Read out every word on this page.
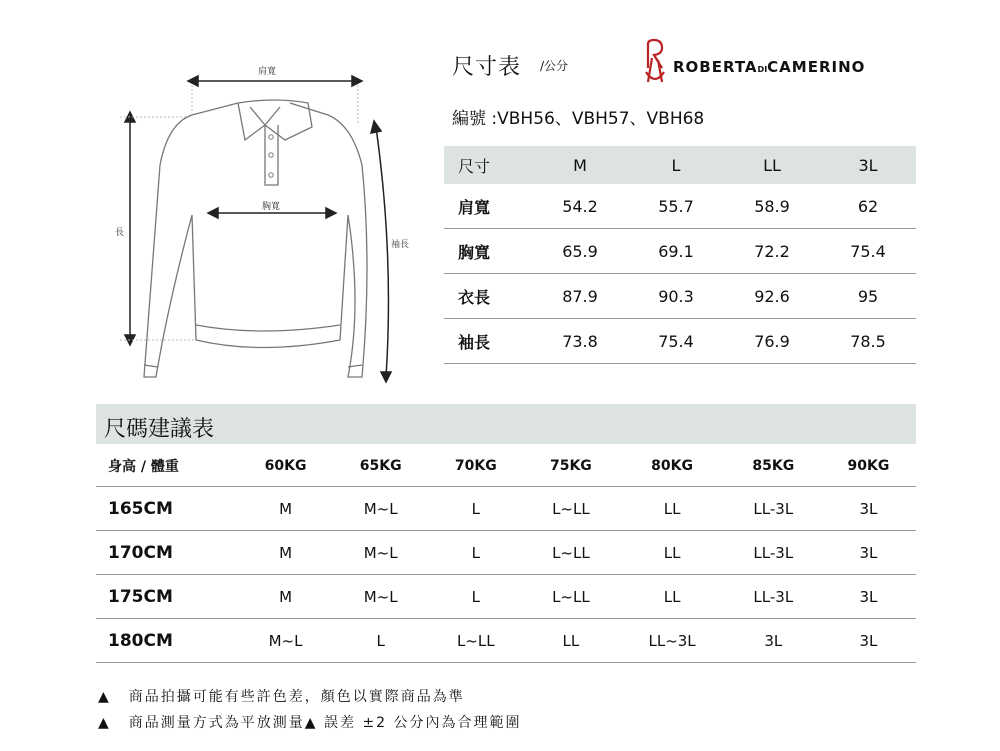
肩寬
胸寬
長
袖長
尺寸表 /公分	ROBERTADICAMERINO
編號 :VBH56、VBH57、VBH68
尺寸	M	L	LL	3L
肩寬	54.2	55.7	58.9	62
胸寬	65.9	69.1	72.2	75.4
衣長	87.9	90.3	92.6	95
袖長	73.8	75.4	76.9	78.5
尺碼建議表
身高 / 體重	60KG	65KG	70KG	75KG	80KG	85KG	90KG
165CM	M	M~L	L	L~LL	LL	LL-3L	3L
170CM	M	M~L	L	L~LL	LL	LL-3L	3L
175CM	M	M~L	L	L~LL	LL	LL-3L	3L
180CM	M~L	L	L~LL	LL	LL~3L	3L	3L
▲ 商品拍攝可能有些許色差，顏色以實際商品為準
▲ 商品測量方式為平放測量▲ 誤差 ±2 公分內為合理範圍
